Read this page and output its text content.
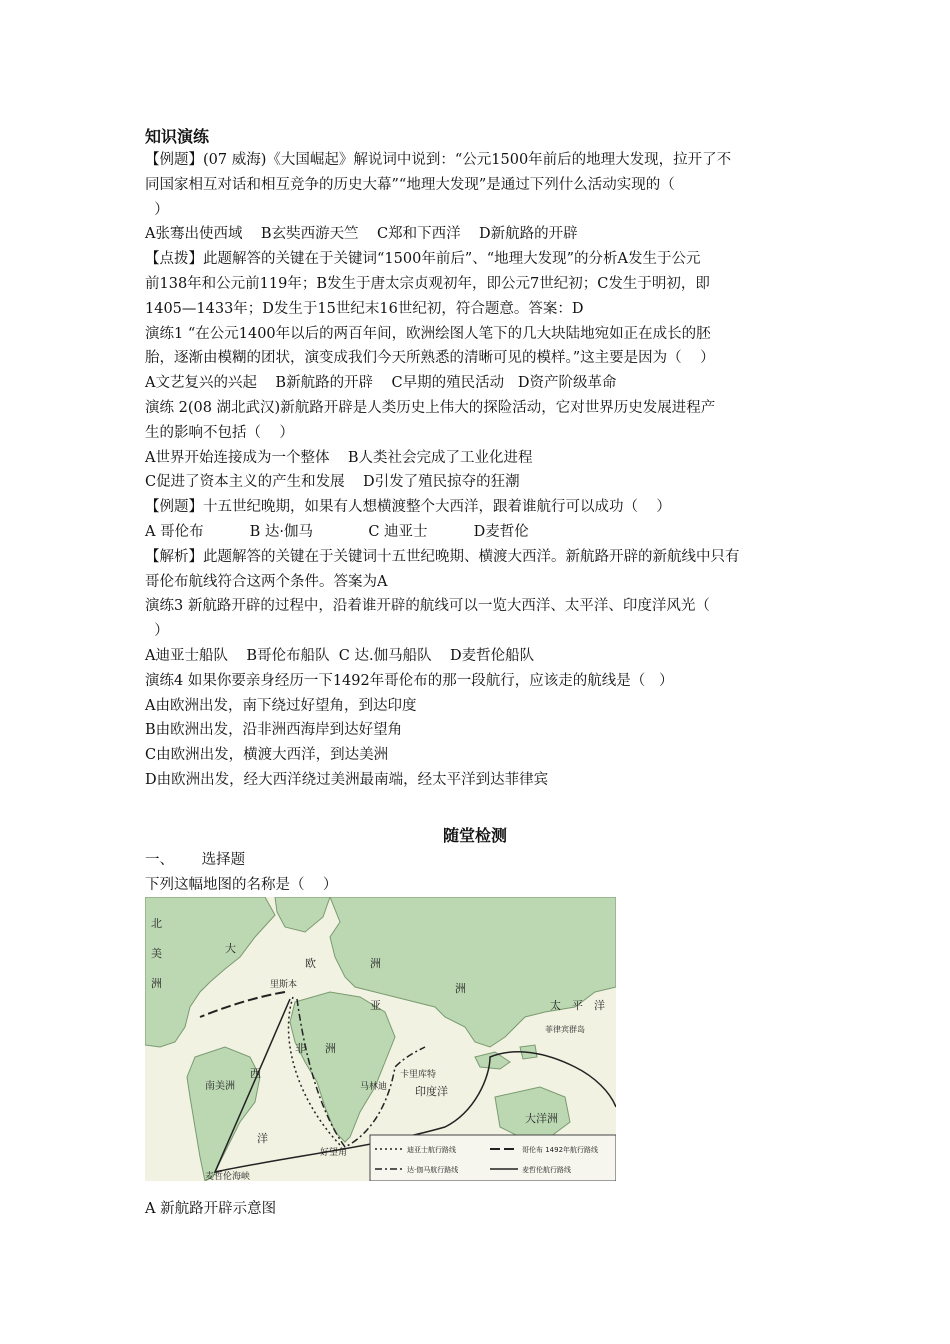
知识演练

【例题】(07 威海)《大国崛起》解说词中说到：“公元1500年前后的地理大发现，拉开了不

同国家相互对话和相互竞争的历史大幕”“地理大发现”是通过下列什么活动实现的（

）

A张骞出使西域    B玄奘西游天竺    C郑和下西洋    D新航路的开辟

【点拨】此题解答的关键在于关键词“1500年前后”、“地理大发现”的分析A发生于公元

前138年和公元前119年；B发生于唐太宗贞观初年，即公元7世纪初；C发生于明初，即

1405—1433年；D发生于15世纪末16世纪初，符合题意。答案：D

演练1 “在公元1400年以后的两百年间，欧洲绘图人笔下的几大块陆地宛如正在成长的胚

胎，逐渐由模糊的团状，演变成我们今天所熟悉的清晰可见的模样。”这主要是因为（    ）

A文艺复兴的兴起    B新航路的开辟    C早期的殖民活动   D资产阶级革命

演练 2(08 湖北武汉)新航路开辟是人类历史上伟大的探险活动，它对世界历史发展进程产

生的影响不包括（    ）

A世界开始连接成为一个整体    B人类社会完成了工业化进程

C促进了资本主义的产生和发展    D引发了殖民掠夺的狂潮

【例题】十五世纪晚期，如果有人想横渡整个大西洋，跟着谁航行可以成功（    ）

A 哥伦布          B 达·伽马            C 迪亚士          D麦哲伦

【解析】此题解答的关键在于关键词十五世纪晚期、横渡大西洋。新航路开辟的新航线中只有

哥伦布航线符合这两个条件。答案为A

演练3 新航路开辟的过程中，沿着谁开辟的航线可以一览大西洋、太平洋、印度洋风光（

）

A迪亚士船队    B哥伦布船队  C 达.伽马船队    D麦哲伦船队

演练4 如果你要亲身经历一下1492年哥伦布的那一段航行，应该走的航线是（   ）

A由欧洲出发，南下绕过好望角，到达印度

B由欧洲出发，沿非洲西海岸到达好望角

C由欧洲出发，横渡大西洋，到达美洲

D由欧洲出发，经大西洋绕过美洲最南端，经太平洋到达菲律宾

随堂检测

一、      选择题

下列这幅地图的名称是（    ）

北
美
洲
大
欧	洲
里斯本
亚
洲
非 洲
西
洋
南美洲	马林迪
卡里库特
菲律宾群岛
太　平　洋
印度洋
大洋洲
好望角
麦哲伦海峡
迪亚士航行路线	哥伦布 1492年航行路线
达·伽马航行路线	麦哲伦航行路线
A 新航路开辟示意图
